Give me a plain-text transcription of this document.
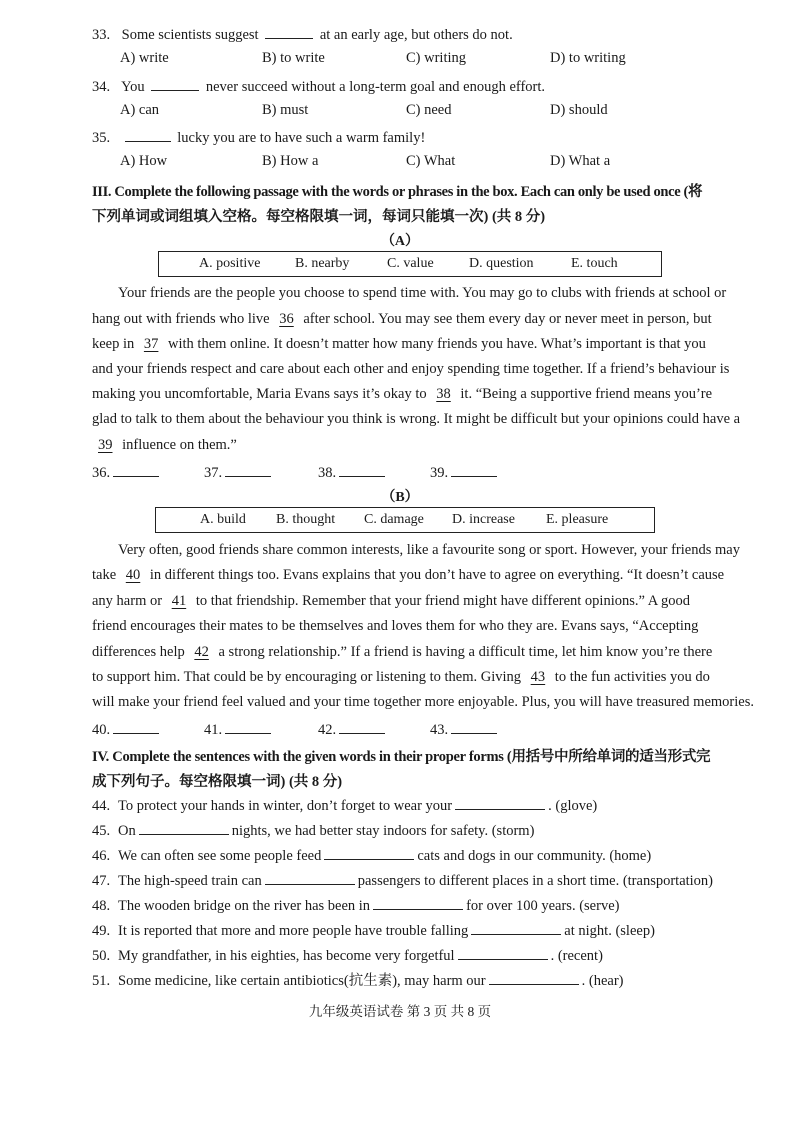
33. Some scientists suggest	at an early age, but others do not.
A) write	B) to write	C) writing	D) to writing
34. You	never succeed without a long-term goal and enough effort.
A) can	B) must	C) need	D) should
35.	lucky you are to have such a warm family!
A) How	B) How a	C) What	D) What a
III. Complete the following passage with the words or phrases in the box. Each can only be used once (将
下列单词或词组填入空格。每空格限填一词，每词只能填一次) (共 8 分)
（A）
A. positive B. nearby	C. value	D. question	E. touch
Your friends are the people you choose to spend time with. You may go to clubs with friends at school or
hang out with friends who live 36 after school. You may see them every day or never meet in person, but
keep in 37 with them online. It doesn’t matter how many friends you have. What’s important is that you
and your friends respect and care about each other and enjoy spending time together. If a friend’s behaviour is
making you uncomfortable, Maria Evans says it’s okay to 38 it. “Being a supportive friend means you’re
glad to talk to them about the behaviour you think is wrong. It might be difficult but your opinions could have a
39 influence on them.”
36.	37.	38.	39.
（B）
A. build B. thought C. damage D. increase E. pleasure
Very often, good friends share common interests, like a favourite song or sport. However, your friends may
take 40 in different things too. Evans explains that you don’t have to agree on everything. “It doesn’t cause
any harm or 41 to that friendship. Remember that your friend might have different opinions.” A good
friend encourages their mates to be themselves and loves them for who they are. Evans says, “Accepting
differences help 42 a strong relationship.” If a friend is having a difficult time, let him know you’re there
to support him. That could be by encouraging or listening to them. Giving 43 to the fun activities you do
will make your friend feel valued and your time together more enjoyable. Plus, you will have treasured memories.
40.	41.	42.	43.
IV. Complete the sentences with the given words in their proper forms (用括号中所给单词的适当形式完
成下列句子。每空格限填一词) (共 8 分)
44. To protect your hands in winter, don’t forget to wear your	. (glove)
45. On	nights, we had better stay indoors for safety. (storm)
46. We can often see some people feed	cats and dogs in our community. (home)
47. The high-speed train can	passengers to different places in a short time. (transportation)
48. The wooden bridge on the river has been in	for over 100 years. (serve)
49. It is reported that more and more people have trouble falling	at night. (sleep)
50. My grandfather, in his eighties, has become very forgetful	. (recent)
51. Some medicine, like certain antibiotics(抗生素), may harm our	. (hear)
九年级英语试卷 第 3 页 共 8 页
